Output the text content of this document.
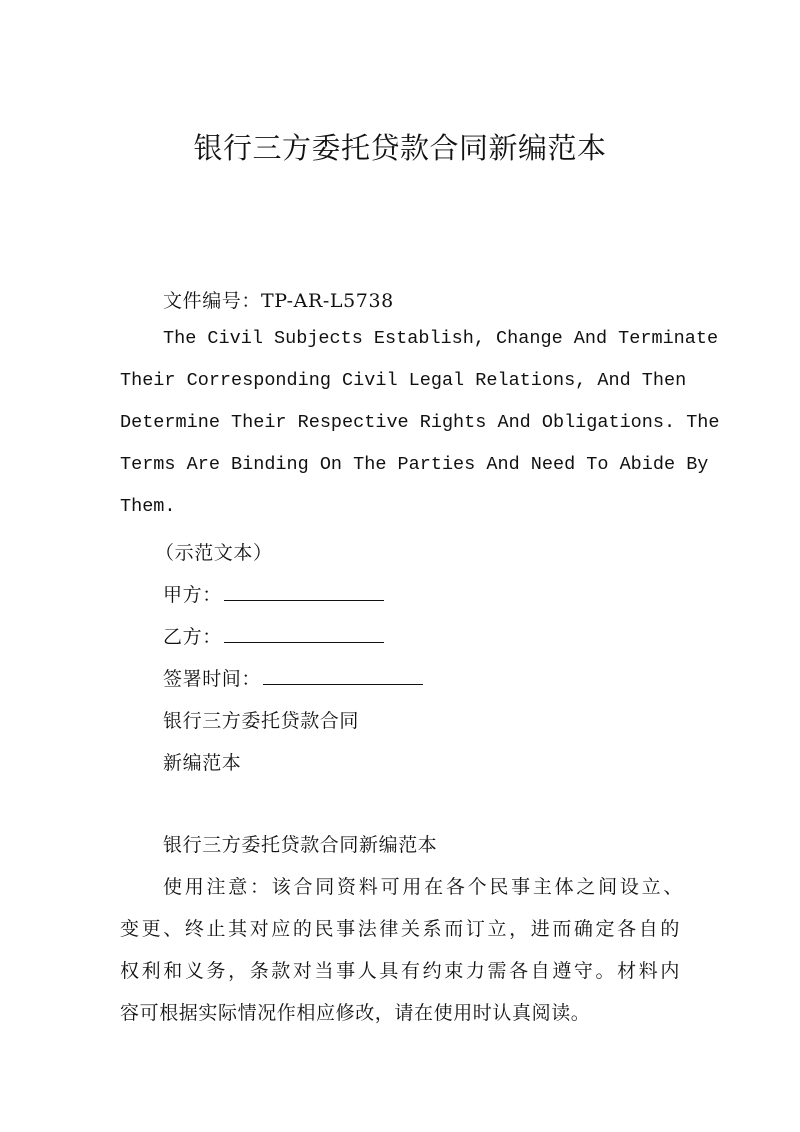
银行三方委托贷款合同新编范本
文件编号：TP-AR-L5738
The Civil Subjects Establish, Change And Terminate
Their Corresponding Civil Legal Relations, And Then
Determine Their Respective Rights And Obligations. The
Terms Are Binding On The Parties And Need To Abide By
Them.
（示范文本）
甲方：
乙方：
签署时间：
银行三方委托贷款合同
新编范本
银行三方委托贷款合同新编范本
使用注意：该合同资料可用在各个民事主体之间设立、
变更、终止其对应的民事法律关系而订立，进而确定各自的
权利和义务，条款对当事人具有约束力需各自遵守。材料内
容可根据实际情况作相应修改，请在使用时认真阅读。
